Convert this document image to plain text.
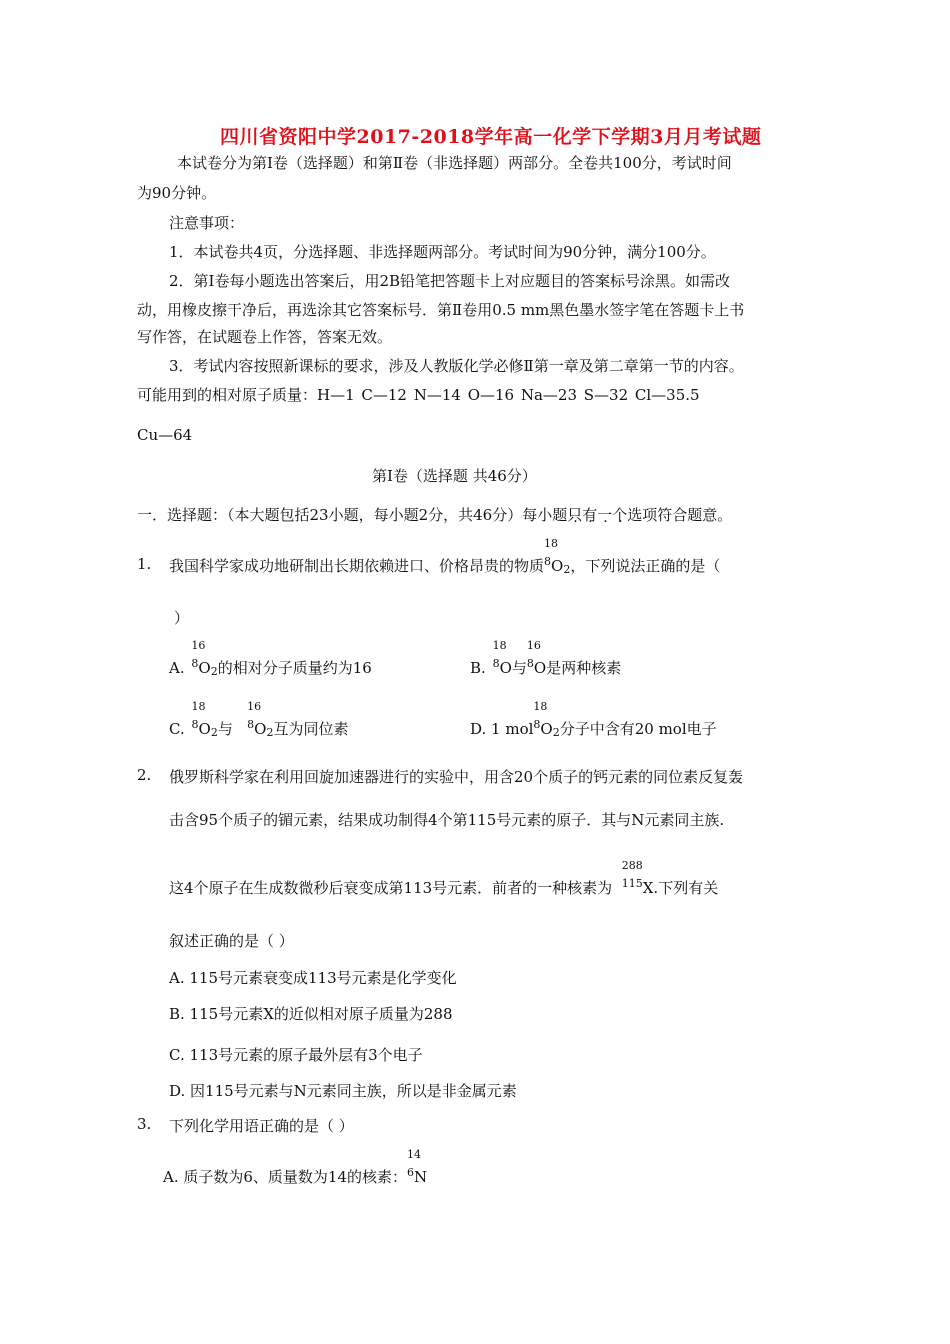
四川省资阳中学2017-2018学年高一化学下学期3月月考试题
本试卷分为第Ⅰ卷（选择题）和第Ⅱ卷（非选择题）两部分。全卷共100分，考试时间
为90分钟。
注意事项：
1．本试卷共4页，分选择题、非选择题两部分。考试时间为90分钟，满分100分。
2．第Ⅰ卷每小题选出答案后，用2B铅笔把答题卡上对应题目的答案标号涂黑。如需改
动，用橡皮擦干净后，再选涂其它答案标号．第Ⅱ卷用0.5 mm黑色墨水签字笔在答题卡上书
写作答，在试题卷上作答，答案无效。
3．考试内容按照新课标的要求，涉及人教版化学必修Ⅱ第一章及第二章第一节的内容。
可能用到的相对原子质量：H—1 C—12 N—14 O—16 Na—23 S—32 Cl—35.5
Cu—64
第Ⅰ卷（选择题 共46分）
一．选择题：（本大题包括23小题，每小题2分，共46分）每小题只有一个选项符合题意。
1. 我国科学家成功地研制出长期依赖进口、价格昂贵的物质
18
$^8$O2，下列说法正确的是（
）
A.
16
$^8$O2的相对分子质量约为16	B.
18
$^8$O与
16
$^8$O是两种核素
C.
18
$^8$O2与
16
$^8$O2互为同位素	D. 1 mol
18
$^8$O2分子中含有20 mol电子
2. 俄罗斯科学家在利用回旋加速器进行的实验中，用含20个质子的钙元素的同位素反复轰
击含95个质子的镅元素，结果成功制得4个第115号元素的原子．其与N元素同主族.
这4个原子在生成数微秒后衰变成第113号元素．前者的一种核素为
288
$^{115}$X.下列有关
叙述正确的是（ ）
A. 115号元素衰变成113号元素是化学变化
B. 115号元素X的近似相对原子质量为288
C. 113号元素的原子最外层有3个电子
D. 因115号元素与N元素同主族，所以是非金属元素
3. 下列化学用语正确的是（ ）
A. 质子数为6、质量数为14的核素：
14
$^6$N
